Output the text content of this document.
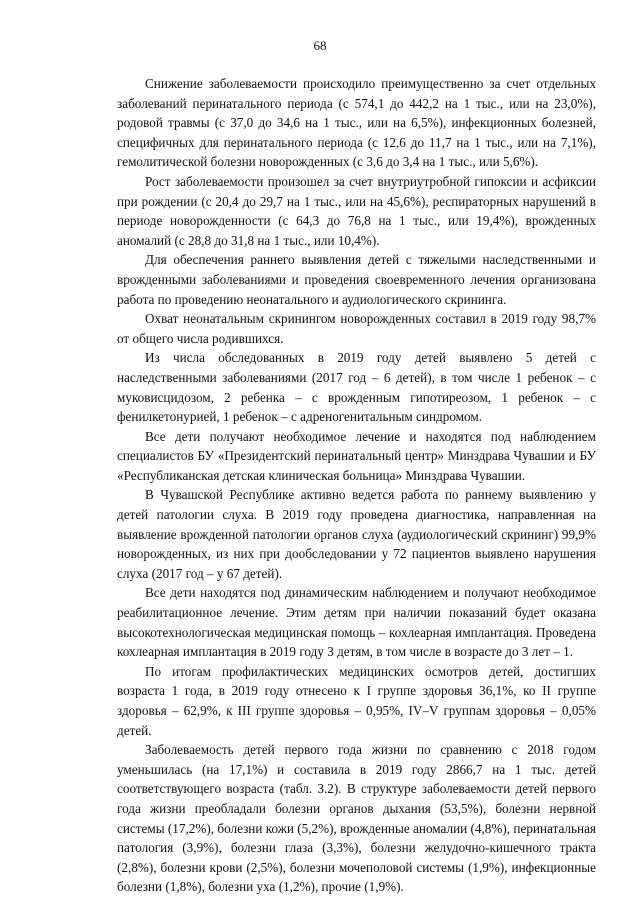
68

Снижение заболеваемости происходило преимущественно за счет отдельных заболеваний перинатального периода (с 574,1 до 442,2 на 1 тыс., или на 23,0%), родовой травмы (с 37,0 до 34,6 на 1 тыс., или на 6,5%), инфекционных болезней, специфичных для перинатального периода (с 12,6 до 11,7 на 1 тыс., или на 7,1%), гемолитической болезни новорожденных (с 3,6 до 3,4 на 1 тыс., или 5,6%).

Рост заболеваемости произошел за счет внутриутробной гипоксии и асфиксии при рождении (с 20,4 до 29,7 на 1 тыс., или на 45,6%), респираторных нарушений в периоде новорожденности (с 64,3 до 76,8 на 1 тыс., или 19,4%), врожденных аномалий (с 28,8 до 31,8 на 1 тыс., или 10,4%).

Для обеспечения раннего выявления детей с тяжелыми наследственными и врожденными заболеваниями и проведения своевременного лечения организована работа по проведению неонатального и аудиологического скрининга.

Охват неонатальным скринингом новорожденных составил в 2019 году 98,7% от общего числа родившихся.

Из числа обследованных в 2019 году детей выявлено 5 детей с наследственными заболеваниями (2017 год – 6 детей), в том числе 1 ребенок – с муковисцидозом, 2 ребенка – с врожденным гипотиреозом, 1 ребенок – с фенилкетонурией, 1 ребенок – с адреногенитальным синдромом.

Все дети получают необходимое лечение и находятся под наблюдением специалистов БУ «Президентский перинатальный центр» Минздрава Чувашии и БУ «Республиканская детская клиническая больница» Минздрава Чувашии.

В Чувашской Республике активно ведется работа по раннему выявлению у детей патологии слуха. В 2019 году проведена диагностика, направленная на выявление врожденной патологии органов слуха (аудиологический скрининг) 99,9% новорожденных, из них при дообследовании у 72 пациентов выявлено нарушения слуха (2017 год – у 67 детей).

Все дети находятся под динамическим наблюдением и получают необходимое реабилитационное лечение. Этим детям при наличии показаний будет оказана высокотехнологическая медицинская помощь – кохлеарная имплантация. Проведена кохлеарная имплантация в 2019 году 3 детям, в том числе в возрасте до 3 лет – 1.

По итогам профилактических медицинских осмотров детей, достигших возраста 1 года, в 2019 году отнесено к I группе здоровья 36,1%, ко II группе здоровья – 62,9%, к III группе здоровья – 0,95%, IV–V группам здоровья – 0,05% детей.

Заболеваемость детей первого года жизни по сравнению с 2018 годом уменьшилась (на 17,1%) и составила в 2019 году 2866,7 на 1 тыс. детей соответствующего возраста (табл. 3.2). В структуре заболеваемости детей первого года жизни преобладали болезни органов дыхания (53,5%), болезни нервной системы (17,2%), болезни кожи (5,2%), врожденные аномалии (4,8%), перинатальная патология (3,9%), болезни глаза (3,3%), болезни желудочно-кишечного тракта (2,8%), болезни крови (2,5%), болезни мочеполовой системы (1,9%), инфекционные болезни (1,8%), болезни уха (1,2%), прочие (1,9%).
